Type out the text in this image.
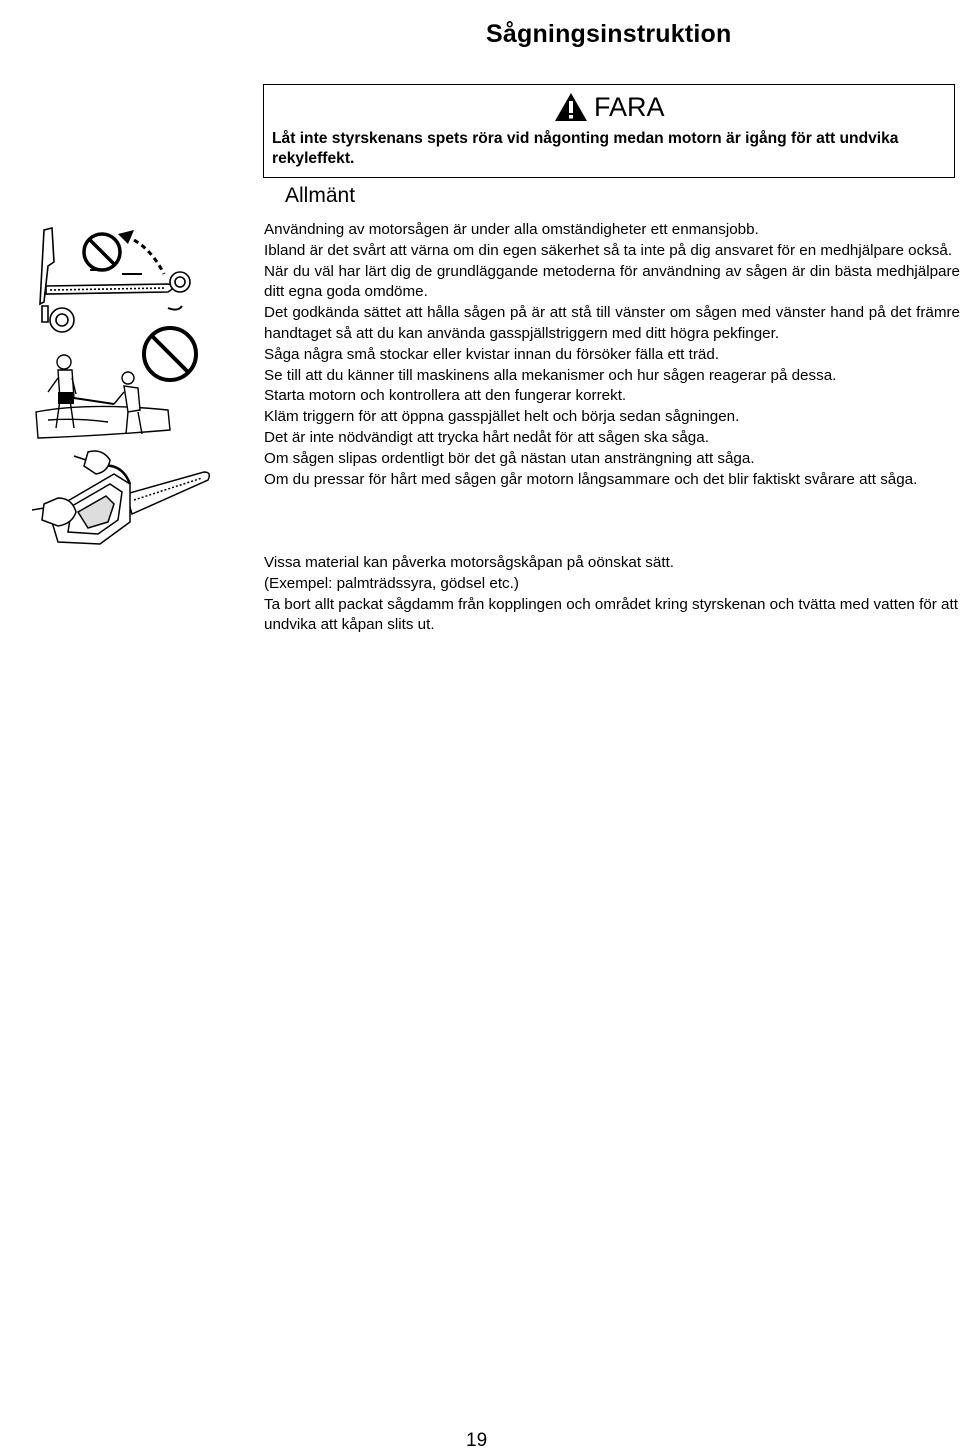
Sågningsinstruktion
FARA
Låt inte styrskenans spets röra vid någonting medan motorn är igång för att undvika rekyleffekt.
Allmänt

Användning av motorsågen är under alla omständigheter ett enmansjobb.

Ibland är det svårt att värna om din egen säkerhet så ta inte på dig ansvaret för en medhjälpare också.

När du väl har lärt dig de grundläggande metoderna för användning av sågen är din bästa medhjälpare ditt egna goda omdöme.

Det godkända sättet att hålla sågen på är att stå till vänster om sågen med vänster hand på det främre handtaget så att du kan använda gasspjällstriggern med ditt högra pekfinger.

Såga några små stockar eller kvistar innan du försöker fälla ett träd.

Se till att du känner till maskinens alla mekanismer och hur sågen reagerar på dessa.

Starta motorn och kontrollera att den fungerar korrekt.

Kläm triggern för att öppna gasspjället helt och börja sedan sågningen.

Det är inte nödvändigt att trycka hårt nedåt för att sågen ska såga.

Om sågen slipas ordentligt bör det gå nästan utan ansträngning att såga.

Om du pressar för hårt med sågen går motorn långsammare och det blir faktiskt svårare att såga.

Vissa material kan påverka motorsågskåpan på oönskat sätt.

(Exempel: palmträdssyra, gödsel etc.)

Ta bort allt packat sågdamm från kopplingen och området kring styrskenan och tvätta med vatten för att undvika att kåpan slits ut.

19
